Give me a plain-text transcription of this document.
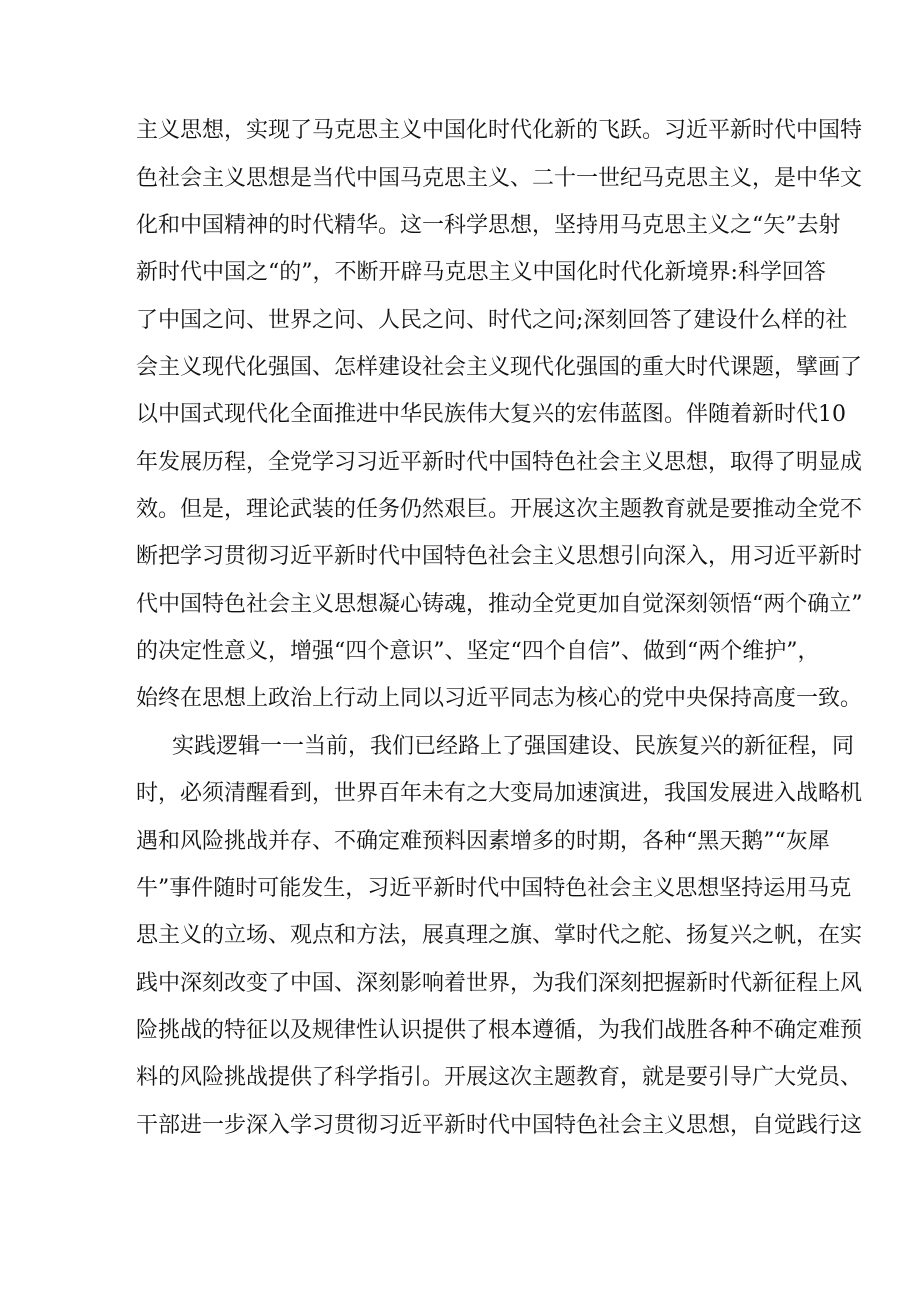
主义思想，实现了马克思主义中国化时代化新的飞跃。习近平新时代中国特
色社会主义思想是当代中国马克思主义、二十一世纪马克思主义，是中华文
化和中国精神的时代精华。这一科学思想，坚持用马克思主义之“矢”去射
新时代中国之“的”，不断开辟马克思主义中国化时代化新境界:科学回答
了中国之问、世界之问、人民之问、时代之问;深刻回答了建设什么样的社
会主义现代化强国、怎样建设社会主义现代化强国的重大时代课题，擘画了
以中国式现代化全面推进中华民族伟大复兴的宏伟蓝图。伴随着新时代10
年发展历程，全党学习习近平新时代中国特色社会主义思想，取得了明显成
效。但是，理论武装的任务仍然艰巨。开展这次主题教育就是要推动全党不
断把学习贯彻习近平新时代中国特色社会主义思想引向深入，用习近平新时
代中国特色社会主义思想凝心铸魂，推动全党更加自觉深刻领悟“两个确立”
的决定性意义，增强“四个意识”、坚定“四个自信”、做到“两个维护”，
始终在思想上政治上行动上同以习近平同志为核心的党中央保持高度一致。
实践逻辑一一当前，我们已经路上了强国建设、民族复兴的新征程，同
时，必须清醒看到，世界百年未有之大变局加速演进，我国发展进入战略机
遇和风险挑战并存、不确定难预料因素增多的时期，各种“黑天鹅”“灰犀
牛”事件随时可能发生，习近平新时代中国特色社会主义思想坚持运用马克
思主义的立场、观点和方法，展真理之旗、掌时代之舵、扬复兴之帆，在实
践中深刻改变了中国、深刻影响着世界，为我们深刻把握新时代新征程上风
险挑战的特征以及规律性认识提供了根本遵循，为我们战胜各种不确定难预
料的风险挑战提供了科学指引。开展这次主题教育，就是要引导广大党员、
干部进一步深入学习贯彻习近平新时代中国特色社会主义思想，自觉践行这
